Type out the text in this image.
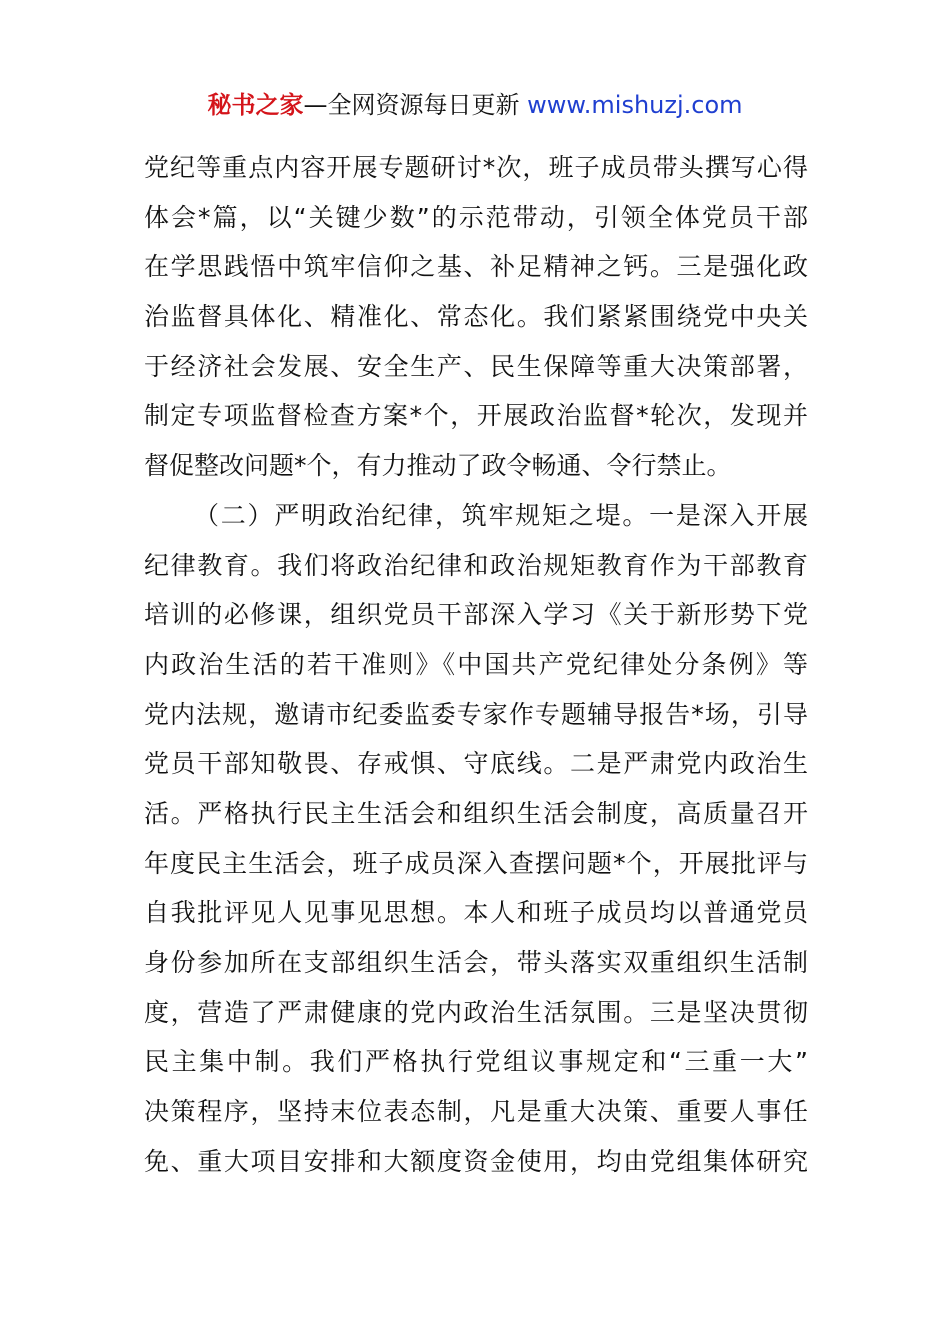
秘书之家—全网资源每日更新 www.mishuzj.com
党纪等重点内容开展专题研讨*次，班子成员带头撰写心得
体会*篇，以“关键少数”的示范带动，引领全体党员干部
在学思践悟中筑牢信仰之基、补足精神之钙。三是强化政
治监督具体化、精准化、常态化。我们紧紧围绕党中央关
于经济社会发展、安全生产、民生保障等重大决策部署，
制定专项监督检查方案*个，开展政治监督*轮次，发现并
督促整改问题*个，有力推动了政令畅通、令行禁止。
（二）严明政治纪律，筑牢规矩之堤。一是深入开展
纪律教育。我们将政治纪律和政治规矩教育作为干部教育
培训的必修课，组织党员干部深入学习《关于新形势下党
内政治生活的若干准则》《中国共产党纪律处分条例》等
党内法规，邀请市纪委监委专家作专题辅导报告*场，引导
党员干部知敬畏、存戒惧、守底线。二是严肃党内政治生
活。严格执行民主生活会和组织生活会制度，高质量召开
年度民主生活会，班子成员深入查摆问题*个，开展批评与
自我批评见人见事见思想。本人和班子成员均以普通党员
身份参加所在支部组织生活会，带头落实双重组织生活制
度，营造了严肃健康的党内政治生活氛围。三是坚决贯彻
民主集中制。我们严格执行党组议事规定和“三重一大”
决策程序，坚持末位表态制，凡是重大决策、重要人事任
免、重大项目安排和大额度资金使用，均由党组集体研究
